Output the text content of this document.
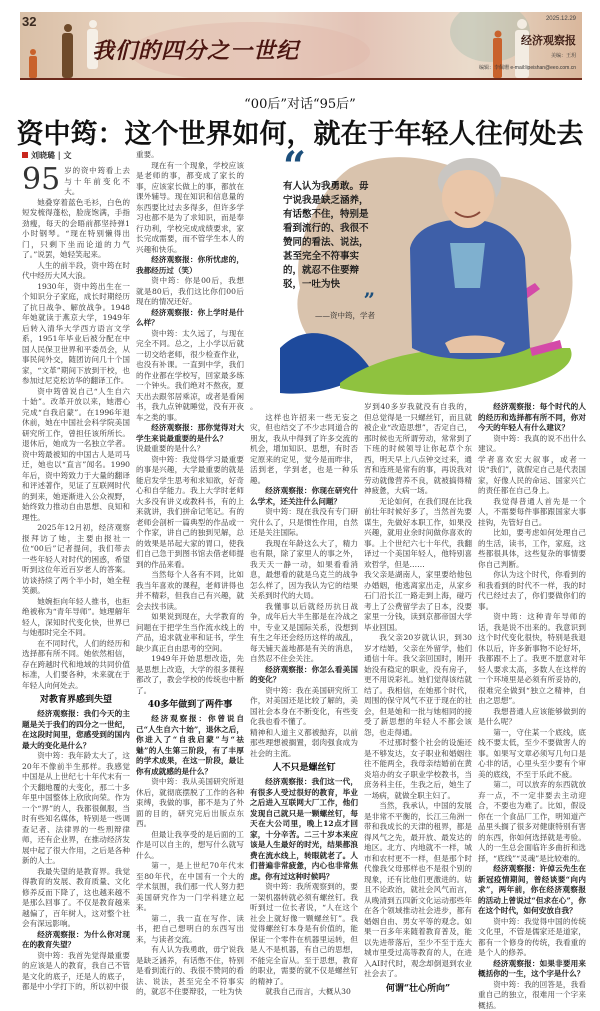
32
我们的四分之一世纪
2025.12.29
经济观察报
美编：王玥
编辑：李佩珊 e-mail:lipeishan@eeo.com.cn
“00后”对话“95后”
资中筠：这个世界如何，就在于年轻人往何处去
刘晓璐 | 文
95 岁的资中筠看上去与十年前变化不大。

她叠穿着蓝色毛衫，白色的短发梳得蓬松，脸庞饱满，手指劲瘦，每天的会晤前都坚持弹1小时钢琴。“现在特别懒得出门，只剩下坐而论道的力气了。”说罢，她轻笑起来。

人生的前半段，资中筠在时代中经历大风大浪。

1930年，资中筠出生在一个知识分子家庭，成长时期经历了抗日战争、解放战争。1948年她就读于燕京大学，1949年后转入清华大学西方语言文学系，1951年毕业后被分配在中国人民保卫世界和平委员会，从事民间外交，随团访问几十个国家，“文革”期间下放到干校，也参加过尼克松访华的翻译工作。

资中筠曾说自己“人生自六十始”。改革开放以来，她潜心完成“自我启蒙”。在1996年退休前，她在中国社会科学院美国研究所工作，曾担任该所所长。退休后，她成为一名独立学者。资中筠最被知的中国古人是司马迁，她也以“直言”闻名。1990年后，资中筠致力于大量的翻译和评述著作，见证了互联网时代的到来，她逐渐进入公众视野，始终致力推动自由思想、良知和理性。

2025年12月初，经济观察报拜访了她，主要由报社一位“00后”记者提问，我们带去一些年轻人对时代的困惑，希望听到这位年近百岁老人的答案。访谈持续了两个半小时，她全程笑颜。

她婉拒向年轻人推书，也拒绝被称为“青年导师”。她理解年轻人，深知时代变化快，世界已与她那时完全不同。

在不同时代，人们的经历和选择都有所不同。她依然相信，存在跨越时代和地域的共同价值标准，人们要各种，未来就在于年轻人向何处去。

对教育界感到失望

经济观察报：我们今天的主题是关于我们的四分之一世纪，在这段时间里，您感受到的国内最大的变化是什么？

资中筠：我年龄太大了，这20年不像前半生那样。我感觉中国是从上世纪七十年代末有一个天翻地覆的大变化，那二十多年里中国整体上欣欣向荣。作为一个“界”的人，我都很佩服，当时有些知名媒体，特别是一些调查记者、法律界的一些刑辩律师，还有企业界，在推动经济发展中起了很大作用，之后是各种新的人士。

我最失望的是教育界。我觉得教育的发展、教育质量、文化修养反而下降了，这也越来越不是那么回事了。不仅是教育越来越偏了，百年树人，这对整个社会有深远影响。

经济观察报：为什么你对现在的教育失望？

资中筠：我首先觉得最重要的应该是人的教育，我自己不管是文化的底子，还是人的底子，都是中小学打下的，所以初中很

重要。

现在有一个现象，学校应该是老师的事，都变成了家长的事，应该家长做上的事，都放在课外辅导。现在知识和信息量的东西要比过去多得多，但许多学习也都不是为了求知识，而是奉行功利，学校完成成绩要求，家长完成需要，而不管学生本人的兴趣和快乐。

经济观察报：你所忧虑的，我都经历过（笑）

资中筠：你是00后，我想就是80后，我们这比你们00后现在的情况还好。

经济观察报：你上学时是什么样？

资中筠：太久远了，与现在完全不同。总之，上小学以后就一切交给老师，很少检查作业，也没有补课。一直到中学，我们的作业都在学校写，回家最多练一个钟头。我们绝对不熬夜，夏天出去跟邻居乘凉，或者是看闲书，我九点钟就睡觉，没有开夜车之类的事。

经济观察报：那你觉得对大学生来说最重要的是什么？

说最重要的是什么？

资中筠：我觉得学习最重要的事是兴趣，大学最重要的就是能启发学生思考和求知欲，好奇心和自学能力。我上大学时老师大多没有讲义或教科书，有的上来就讲，我们拼命记笔记。有的老师会剖析一篇典型的作品或一个作家，讲自己的独到见解，总的效果是吊起大家的胃口，使我们自己急于到图书馆去借老师提到的作品来看。

当然每个人各有不同，比如我当年喜欢的课程，老师讲得也并不精彩，但我自己有兴趣，就会去找书读。

如果说到现在，大学教育的问题在于把学生当作流水线上的产品，追求就业率和证书，学生缺少真正自由思考的空间。

1949年开始思想改造，先是思想上改造，大学的很多课程都改了，教会学校的传统也中断了。

40多年做到了两件事

经济观察报：你曾说自己“人生自六十始”，退休之后，你进入了“自我启蒙”与“祛魅”的人生第三阶段，有了丰厚的学术成果，在这一阶段，最让你有成就感的是什么？

资中筠：我从美国研究所退休后，就彻底摆脱了工作的各种束缚，我做的事，都不是为了外面的目的，研究完后出版点东西。

但最让我享受的是后面的工作是可以自主的，想写什么就写什么。

第一，是上世纪70年代末至80年代，在中国有一个大的学术氛围，我们那一代人努力把美国研究作为一门学科建立起来。

第二，我一直在写作、读书，把自己想明白的东西写出来，与读者交流。

有人认为我勇敢，毋宁说我是缺乏涵养，有话憋不住，特别是看到流行的、我很不赞同的看法、说法，甚至完全不符事实的，就忍不住要辩驳，一吐为快

“
有人认为我勇敢。毋宁说我是缺乏涵养，有话憋不住，特别是看到流行的、我很不赞同的看法、说法，甚至完全不符事实的，就忍不住要辩驳，一吐为快
”
——资中筠，学者

。

这样也许招来一些无妄之灾，但也结交了不少志同道合的朋友，我从中得到了许多交流的机会，增加知识、思想，有时否定原来的定见，觉今是而昨非，活到老，学到老，也是一种乐趣。

经济观察报：你现在研究什么学术，还关注什么问题？

资中筠：现在我没有专门研究什么了，只是惯性作用，自然还是关注国际。

我现在年龄这么大了，精力也有限，除了家里人的事之外，我天天一静一动，如果看看消息，最想看的就是乌克兰的战争怎么样了，因为我认为它的结果关系到时代的大局。

我懂事以后就经历抗日战争，成年后大半生都是在冷战之中，专业又是国际关系，没想到有生之年还会经历这样的战乱，每天铺天盖地都是有关的消息，自然忍不住会关注。

经济观察报：你怎么看美国的变化？

资中筠：我在美国研究所工作，对美国还是比较了解的，美国社会本身在不断变化，有些变化我也看不懂了。

精神和人道主义都被抛弃，以前那些理想被搁置，弱肉强食成为社会的主流。

人不只是螺丝钉

经济观察报：我们这一代，有很多人受过很好的教育，毕业之后进入互联网大厂工作，他们发现自己就只是一颗螺丝钉，每天在大公司里，晚上12点才回家，十分辛苦。二三十岁本来应该是人生最好的时光，结果都浪费在流水线上，转眼就老了。人们普遍非常疲惫，内心也非常焦虑。你有过这种时候吗？

资中筠：我所观察到的，要一架机器转就必须有螺丝钉。我听到过一位长者说，“人在这个社会上就好像一颗螺丝钉”。我觉得螺丝钉本身是有价值的，能保证一个零件在机器里运转，但是人不是机器，有自己的思想，不能完全盲从。至于思想，教育的职业，需要的就不仅是螺丝钉的精神了。

就我自己而言，大概从30

岁到40多岁我就没有自我的，但总觉得是一只螺丝钉，而且就被企业“改造思想”，否定自己，那时候也无所谓劳动，常常到了下班的时候领导让你起草个东西，明天早上八点钟交过来，通宵和连班是常有的事，再说我对劳动就像营养不良，就被搞得精神疲惫，大病一场。

无论如何，在我们现在比我前壮年时候好多了，当然首先要谋生，先做好本职工作，如果没兴趣，就用业余时间做你喜欢的事。上个世纪六七十年代，我翻译过一个美国年轻人，他特别喜欢哲学，但是……

我父亲是湖南人，家里要给他包办婚姻，他逃离家出走，从家乡石门沿长江一路走到上海，碰巧考上了公费留学去了日本，没要家里一分钱，读到京都帝国大学毕业回国。

我父亲20岁就认识，到30岁才结婚，父亲在外留学，他们通信十年。我父亲回国时，刚开始没有稳定的职业，没有房子，更不用说彩礼。她们觉得该结就结了。我相信，在她那个时代，周围的保守风气不亚于现在的社会，但是她和一批与她相同的接受了新思想的年轻人不都会该怨，也走得通。

不过那时整个社会的设施还是不够发达，女子职业和婚姻往往不能两全，我母亲结婚前在黄炎培办的女子职业学校教书，当庶务科主任，生我之后，她生了一场病，就做全职主妇了。

当然，我承认，中国的发展是非常不平衡的，长江三角洲一带和我成长的天津的租界，都是得风气之先，最开放、最发达的地区。北方、内地就不一样，城市和农村更不一样，但是那个时代像我父母那样也不是很个别的现象，还有比他们更激进的。姑且不论政治，就社会风气而言，从晚清到五四新文化运动那些年在各个领域推动社会进步，都有婚姻自由、男女平等的观念。如果一百多年来随着教育普及，能以先进带落后，至少不至于连大城市里受过高等教育的人，在进入AI时代时，观念却倒退到农业社会去了。

何谓“壮心所向”

经济观察报：每个时代的人的经历和选择都有所不同，你对今天的年轻人有什么建议？

资中筠：我真的说不出什么建议。

学者喜欢宏大叙事，或者一说“我们”，就假定自己是代表国家，好像人民的命运、国家兴亡的责任都在自己身上。

我觉得普通人首先是一个人，不需要每件事都跟国家大事挂钩，先管好自己。

比如，要考虑如何处理自己的生活，读书，工作，家庭，这些都很具体，这些复杂的事情要你自己判断。

你认为这个时代，你看到的和我看到的时代不一样，我的时代已经过去了，你们要做你们的事。

资中筠：这种青年导师的话，我是说不出来的。我意识到这个时代变化很快，特别是我退休以后，许多新事物不论好坏，我都跟不上了。我更不愿意对年轻人要求太高，多数人在这样的一个环境里是必须有所妥协的，很难完全做到“独立之精神，自由之思想”。

我想普通人应该能够做到的是什么呢？

第一，守住某一个底线，底线不要太低，至少不要做害人的事。如果写文章必须写几句口是心非的话，心里头至少要有个审美的底线，不至于乐此不疲。

第二，可以放弃的东西就放弃一点，不一定非要去主动迎合，不要也为难了。比如，假设你在一个食品厂工作，明知道产品里头搁了很多对健康特别有害的东西，你如何选择就是考验。人的一生总会面临许多曲折和选择，“底线”“灵魂”是比较难的。

经济观察报：许倬云先生在新冠疫情期间，曾经谈要“向内求”，两年前，你在经济观察报的活动上曾说过“但求在心”，你在这个时代，如何安放自我？

资中筠：我觉得中国的传统文化里，不管是儒家还是道家，都有一个修身的传统，我看重的是个人的修养。

经济观察报：如果非要用来概括你的一生，这个字是什么？

资中筠：我的回答是，我看重自己的独立，很难用一个字来概括。
